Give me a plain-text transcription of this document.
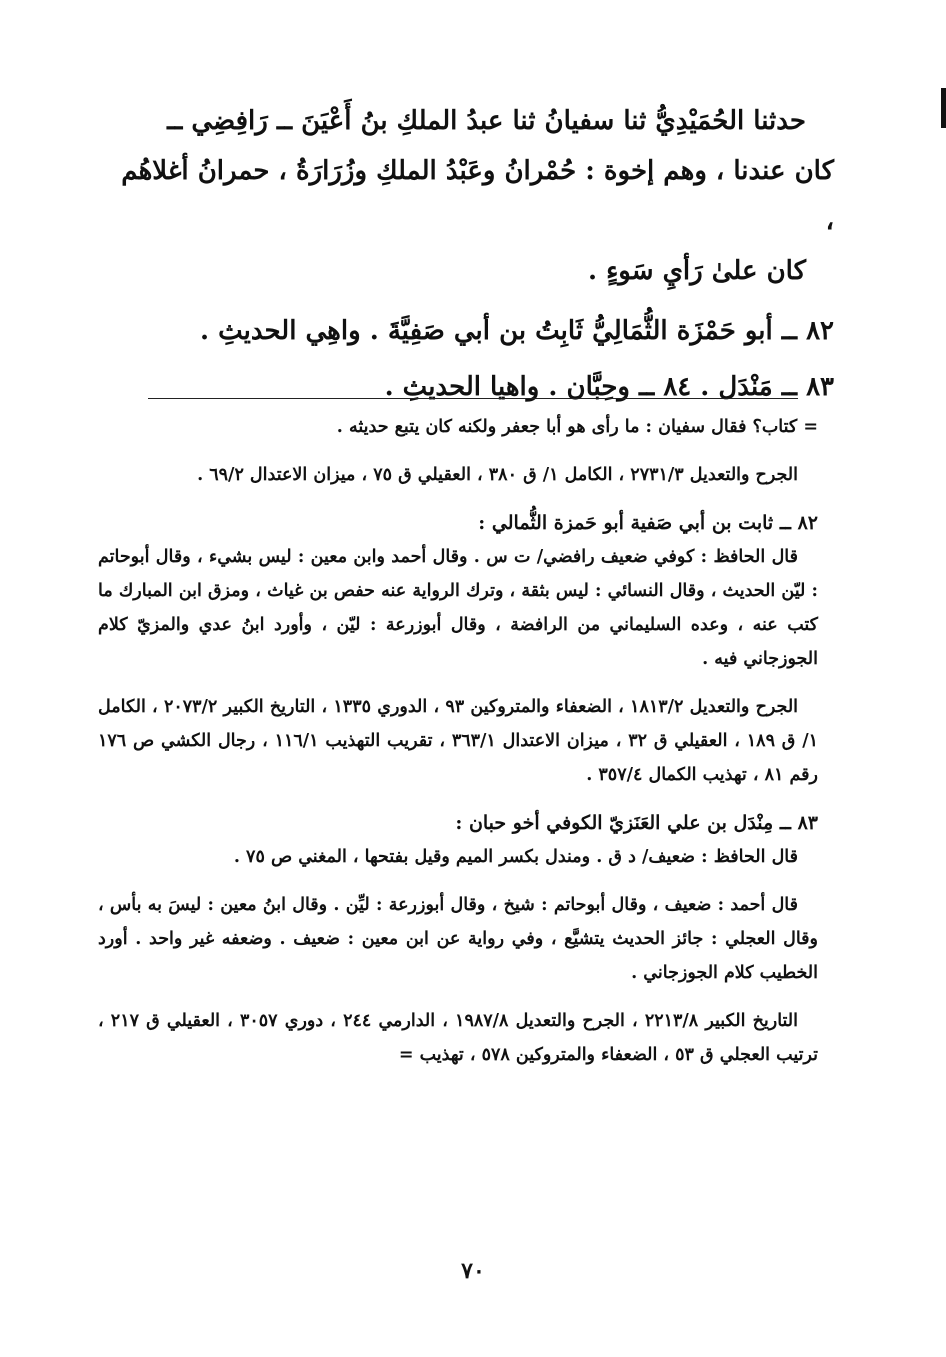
حدثنا الحُمَيْدِيُّ ثنا سفيانُ ثنا عبدُ الملكِ بنُ أَعْيَنَ ــ رَافِضِي ــ

كان عندنا ، وهم إخوة : حُمْرانُ وعَبْدُ الملكِ وزُرَارَةُ ، حمرانُ أغلاهُم ،

كان علىٰ رَأيِ سَوءٍ .

٨٢ ــ أبو حَمْزَة الثُّمَالِيُّ ثَابِتُ بن أبي صَفِيَّةَ . واهِي الحديثِ .

٨٣ ــ مَنْدَل . ٨٤ ــ وحِبَّان . واهيا الحديثِ .

= كتاب؟ فقال سفيان : ما رأى هو أبا جعفر ولكنه كان يتبع حديثه .

الجرح والتعديل ٢٧٣١/٣ ، الكامل ١/ ق ٣٨٠ ، العقيلي ق ٧٥ ، ميزان الاعتدال ٦٩/٢ .

٨٢ ــ ثابت بن أبي صَفية أبو حَمزة الثُّمالي :

قال الحافظ : كوفي ضعيف رافضي/ ت س . وقال أحمد وابن معين : ليس بشيء ، وقال أبوحاتم : ليّن الحديث ، وقال النسائي : ليس بثقة ، وترك الرواية عنه حفص بن غياث ، ومزق ابن المبارك ما كتب عنه ، وعده السليماني من الرافضة ، وقال أبوزرعة : ليّن ، وأورد ابنُ عدي والمزيّ كلام الجوزجاني فيه .

الجرح والتعديل ١٨١٣/٢ ، الضعفاء والمتروكين ٩٣ ، الدوري ١٣٣٥ ، التاريخ الكبير ٢٠٧٣/٢ ، الكامل ١/ ق ١٨٩ ، العقيلي ق ٣٢ ، ميزان الاعتدال ٣٦٣/١ ، تقريب التهذيب ١١٦/١ ، رجال الكشي ص ١٧٦ رقم ٨١ ، تهذيب الكمال ٣٥٧/٤ .

٨٣ ــ مِنْدَل بن علي العَنَزيّ الكوفي أخو حبان :

قال الحافظ : ضعيف/ د ق . ومندل بكسر الميم وقيل بفتحها ، المغني ص ٧٥ .

قال أحمد : ضعيف ، وقال أبوحاتم : شيخ ، وقال أبوزرعة : ليِّن . وقال ابنُ معين : ليسَ به بأس ، وقال العجلي : جائز الحديث يتشيَّع ، وفي رواية عن ابن معين : ضعيف . وضعفه غير واحد . أورد الخطيب كلام الجوزجاني .

التاريخ الكبير ٢٢١٣/٨ ، الجرح والتعديل ١٩٨٧/٨ ، الدارمي ٢٤٤ ، دوري ٣٠٥٧ ، العقيلي ق ٢١٧ ، ترتيب العجلي ق ٥٣ ، الضعفاء والمتروكين ٥٧٨ ، تهذيب =

٧٠
